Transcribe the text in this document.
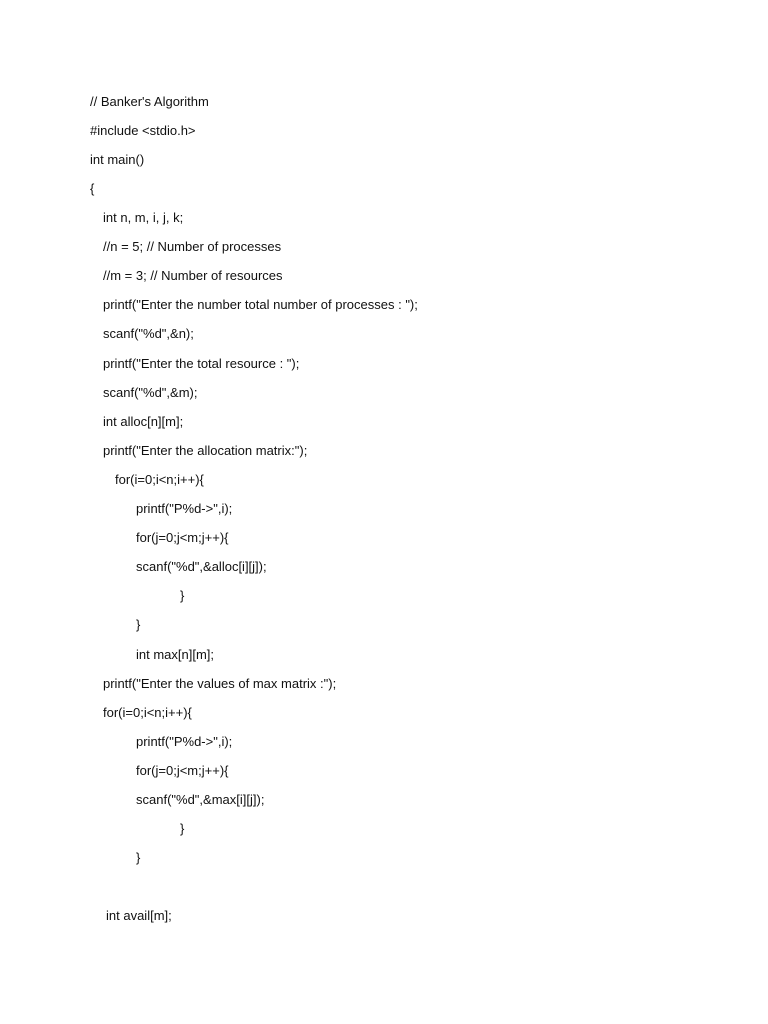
// Banker's Algorithm
#include <stdio.h>
int main()
{
int n, m, i, j, k;
//n = 5; // Number of processes
//m = 3; // Number of resources
printf("Enter the number total number of processes : ");
scanf("%d",&n);
printf("Enter the total resource : ");
scanf("%d",&m);
int alloc[n][m];
printf("Enter the allocation matrix:");
for(i=0;i<n;i++){
printf("P%d->",i);
for(j=0;j<m;j++){
scanf("%d",&alloc[i][j]);
}
}
int max[n][m];
printf("Enter the values of max matrix :");
for(i=0;i<n;i++){
printf("P%d->",i);
for(j=0;j<m;j++){
scanf("%d",&max[i][j]);
}
}
int avail[m];
